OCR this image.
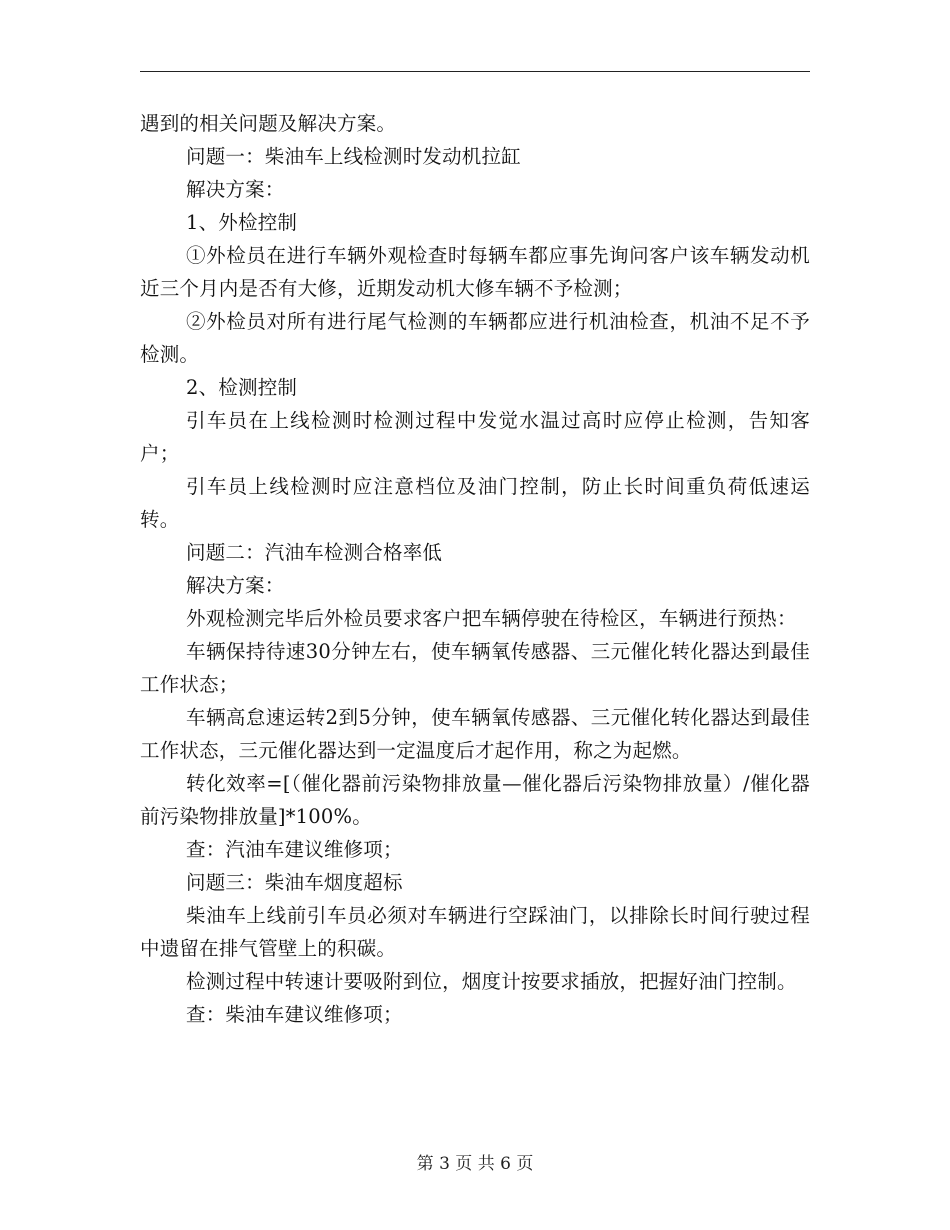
遇到的相关问题及解决方案。

问题一：柴油车上线检测时发动机拉缸

解决方案：

1、外检控制

①外检员在进行车辆外观检查时每辆车都应事先询问客户该车辆发动机近三个月内是否有大修，近期发动机大修车辆不予检测；

②外检员对所有进行尾气检测的车辆都应进行机油检查，机油不足不予检测。

2、检测控制

引车员在上线检测时检测过程中发觉水温过高时应停止检测，告知客户；

引车员上线检测时应注意档位及油门控制，防止长时间重负荷低速运转。

问题二：汽油车检测合格率低

解决方案：

外观检测完毕后外检员要求客户把车辆停驶在待检区，车辆进行预热：

车辆保持待速30分钟左右，使车辆氧传感器、三元催化转化器达到最佳工作状态；

车辆高怠速运转2到5分钟，使车辆氧传感器、三元催化转化器达到最佳工作状态，三元催化器达到一定温度后才起作用，称之为起燃。

转化效率=[（催化器前污染物排放量—催化器后污染物排放量）/催化器前污染物排放量]*100%。

查：汽油车建议维修项；

问题三：柴油车烟度超标

柴油车上线前引车员必须对车辆进行空踩油门，以排除长时间行驶过程中遗留在排气管壁上的积碳。

检测过程中转速计要吸附到位，烟度计按要求插放，把握好油门控制。

查：柴油车建议维修项；

第 3 页 共 6 页
